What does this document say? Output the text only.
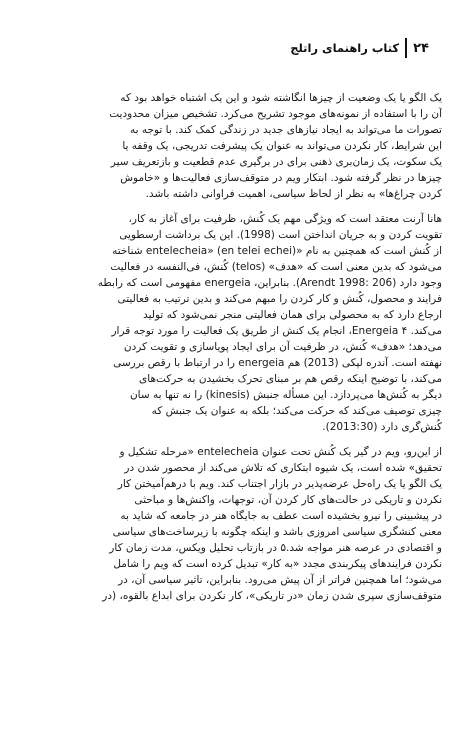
۲۴
کتاب راهنمای راتلج
یک الگو یا یک وضعیت از چیزها انگاشته شود و این یک اشتباه خواهد بود که
آن را با استفاده از نمونه‌های موجود تشریح می‌کرد. تشخیص میزان محدودیت
تصورات ما می‌تواند به ایجاد نیازهای جدید در زندگی کمک کند. با توجه به
این شرایط، کار نکردن می‌تواند به عنوان یک پیشرفت تدریجی، یک وقفه یا
یک سکوت، یک زمان‌بری ذهنی برای در برگیری عدم قطعیت و بازتعریف سیر
چیزها در نظر گرفته شود. ابتکار ویم در متوقف‌سازی فعالیت‌ها و «خاموش
کردن چراغ‌ها» به نظر از لحاظ سیاسی، اهمیت فراوانی داشته باشد.
هانا آرنت معتقد است که ویژگی مهم یک کُنش، ظرفیت برای آغاز به کار،
تقویت کردن و به جریان انداختن است (1998). این یک برداشت ارسطویی
از کُنش است که همچنین به نام «entelecheia» (en telei echei) شناخته
می‌شود که بدین معنی است که «هدف» (telos) کُنش، فی‌النفسه در فعالیت
وجود دارد (Arendt 1998: 206). بنابراین، energeia مفهومی است که رابطه
فرایند و محصول، کُنش و کار کردن را مبهم می‌کند و بدین ترتیب به فعالیتی
ارجاع دارد که به محصولی برای همان فعالیتی منجر نمی‌شود که تولید
می‌کند. Energeia ۴، انجام یک کنش از طریق یک فعالیت را مورد توجه قرار
می‌دهد؛ «هدف» کُنش، در ظرفیت آن برای ایجاد پویاسازی و تقویت کردن
نهفته است. آندره لپکی (2013) هم energeia را در ارتباط با رقص بررسی
می‌کند، با توضیح اینکه رقص هم بر مبنای تحرک بخشیدن به حرکت‌های
دیگر به کُنش‌ها می‌پردازد. این مسأله جنبش (kinesis) را نه تنها به سان
چیزی توصیف می‌کند که حرکت می‌کند؛ بلکه به عنوان یک جنبش که
کُنش‌گری دارد (2013:30).
از این‌رو، ویم در گیر یک کُنش تحت عنوان entelecheia «مرحله تشکیل و
تحقیق» شده است، یک شیوه ابتکاری که تلاش می‌کند از محصور شدن در
یک الگو یا یک راه‌حل عرضه‌پذیر در بازار اجتناب کند. ویم با درهم‌آمیختن کار
نکردن و تاریکی در حالت‌های کار کردن آن، توجهات، واکنش‌ها و مباحثی
در پیشبینی را نیرو بخشیده است عطف به جایگاه هنر در جامعه که شاید به
معنی کنشگری سیاسی امروزی باشد و اینکه چگونه با زیرساخت‌های سیاسی
و اقتصادی در عرصه هنر مواجه شد.۵ در بازتاب تحلیل ویکس، مدت زمان کار
نکردن فرایندهای پیکربندی مجدد «به کار» تبدیل کرده است که ویم را شامل
می‌شود؛ اما همچنین فراتر از آن پیش می‌رود. بنابراین، تاثیر سیاسی آن، در
متوقف‌سازی سپری شدن زمان «در تاریکی»، کار نکردن برای ابداع بالقوه، (در
